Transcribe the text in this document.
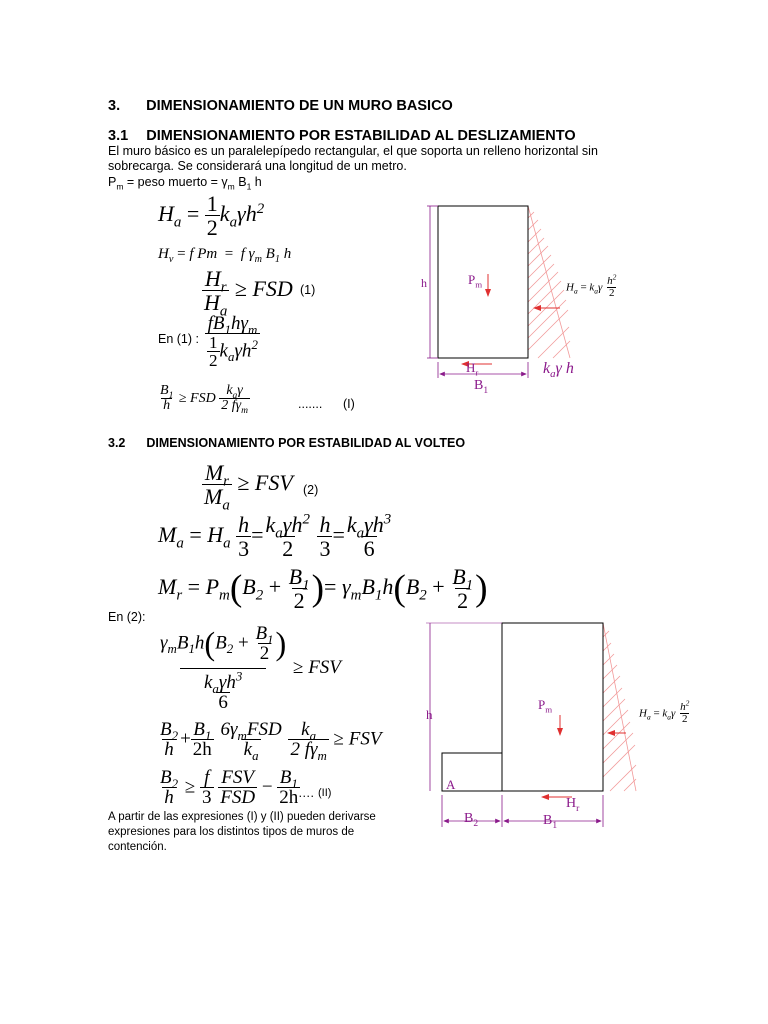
3. DIMENSIONAMIENTO DE UN MURO BASICO
3.1 DIMENSIONAMIENTO POR ESTABILIDAD AL DESLIZAMIENTO
El muro básico es un paralelepípedo rectangular, el que soporta un relleno horizontal sin
sobrecarga. Se considerará una longitud de un metro.
$P_m$ = peso muerto = $\gamma_m$ $B_1$ h
$H_a = \frac{1}{2} k_a\gamma h^2$
$H_v = f$ Pm  =  f $\gamma_m$ $B_1$ h
$\frac{H_r}{H_a}$ ≥ FSD (1)
En (1) :
$fB_1h\gamma_m$
$\frac{1}{2} k_a\gamma h^2$
$\frac{B_1}{h}$ ≥ FSD
$k_a\gamma$
2 $f\gamma_m$	....... (I)
h	$P_m$
$H_r$
$B_1$
$k_a\gamma$ h
$H_a = k_a\gamma \frac{h^2}{2}$
3.2 DIMENSIONAMIENTO POR ESTABILIDAD AL VOLTEO
$\frac{M_r}{M_a}$ ≥ FSV (2)
$M_a = H_a \frac{h}{3} = k_a\gamma h^2$
2
$\frac{h}{3} = k_a\gamma h^3$
6
$M_r = P_m(B_2 + \frac{B_1}{2}$ )= $\gamma_mB_1h(B_2 + \frac{B_1}{2}$ )
En (2):
$\gamma_mB_1h(B_2 + \frac{B_1}{2}$ )
$k_a\gamma h^3$
6
≥ FSV
$\frac{B_2}{h} + \frac{B_1}{2h}$
$6\gamma_mFSD$
$k_a$

$k_a$
2 $f\gamma_m$
≥ FSV
$\frac{B_2}{h} \ge \frac{f}{3}$
FSV
FSD
− $\frac{B_1}{2h}$
…. (II)
A partir de las expresiones (I) y (II) pueden derivarse
expresiones para los distintos tipos de muros de
contención.
h
$P_m$
A
$H_r$
$B_2$	$B_1$
$H_a = k_a\gamma \frac{h^2}{2}$
